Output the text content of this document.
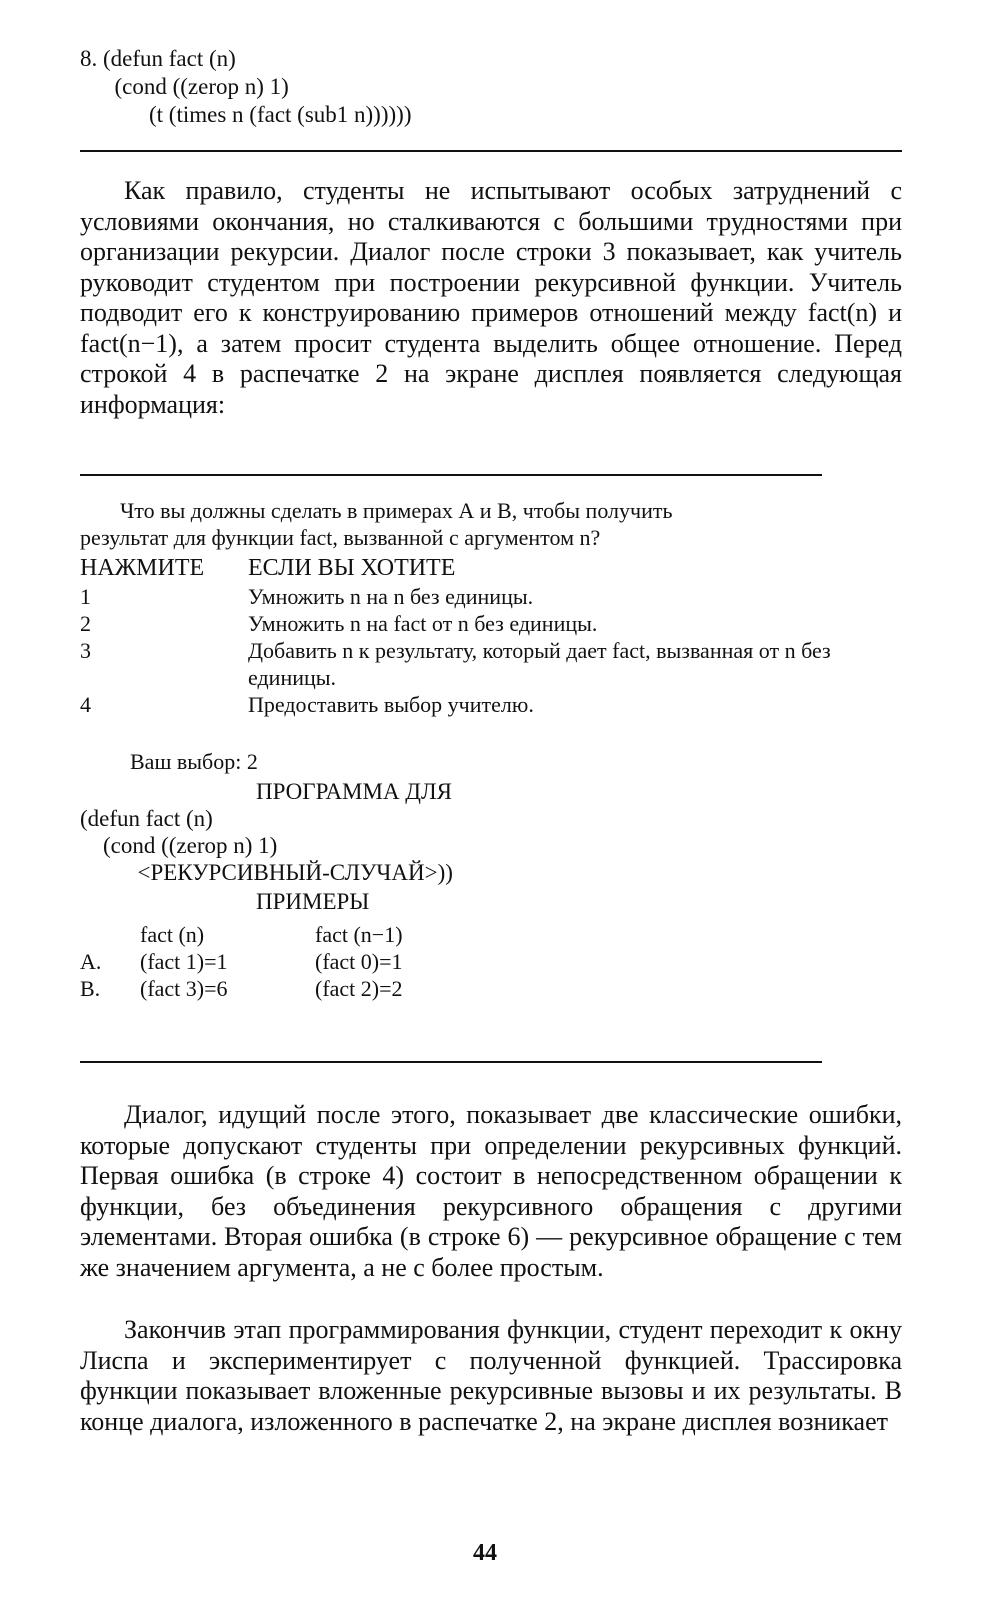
8. (defun fact (n)
(cond ((zerop n) 1)
(t (times n (fact (sub1 n))))))

Как правило, студенты не испытывают особых затруднений с условиями окончания, но сталкиваются с большими трудностями при организации рекурсии. Диалог после строки 3 показывает, как учитель руководит студентом при построении рекурсивной функции. Учитель подводит его к конструированию примеров отношений между fact(n) и fact(n−1), а затем просит студента выделить общее отношение. Перед строкой 4 в распечатке 2 на экране дисплея появляется следующая информация:

Что вы должны сделать в примерах А и В, чтобы получить
результат для функции fact, вызванной с аргументом n?
НАЖМИТЕ	ЕСЛИ ВЫ ХОТИТЕ
1	Умножить n на n без единицы.
2	Умножить n на fact от n без единицы.
3	Добавить n к результату, который дает fact, вызванная от n без единицы.
4	Предоставить выбор учителю.
Ваш выбор: 2
ПРОГРАММА ДЛЯ
(defun fact (n)
(cond ((zerop n) 1)
<РЕКУРСИВНЫЙ-СЛУЧАЙ>))
ПРИМЕРЫ
	fact (n)	fact (n−1)
А.	(fact 1)=1	(fact 0)=1
В.	(fact 3)=6	(fact 2)=2

Диалог, идущий после этого, показывает две классические ошибки, которые допускают студенты при определении рекурсивных функций. Первая ошибка (в строке 4) состоит в непосредственном обращении к функции, без объединения рекурсивного обращения с другими элементами. Вторая ошибка (в строке 6) — рекурсивное обращение с тем же значением аргумента, а не с более простым.

Закончив этап программирования функции, студент переходит к окну Лиспа и экспериментирует с полученной функцией. Трассировка функции показывает вложенные рекурсивные вызовы и их результаты. В конце диалога, изложенного в распечатке 2, на экране дисплея возникает

44
